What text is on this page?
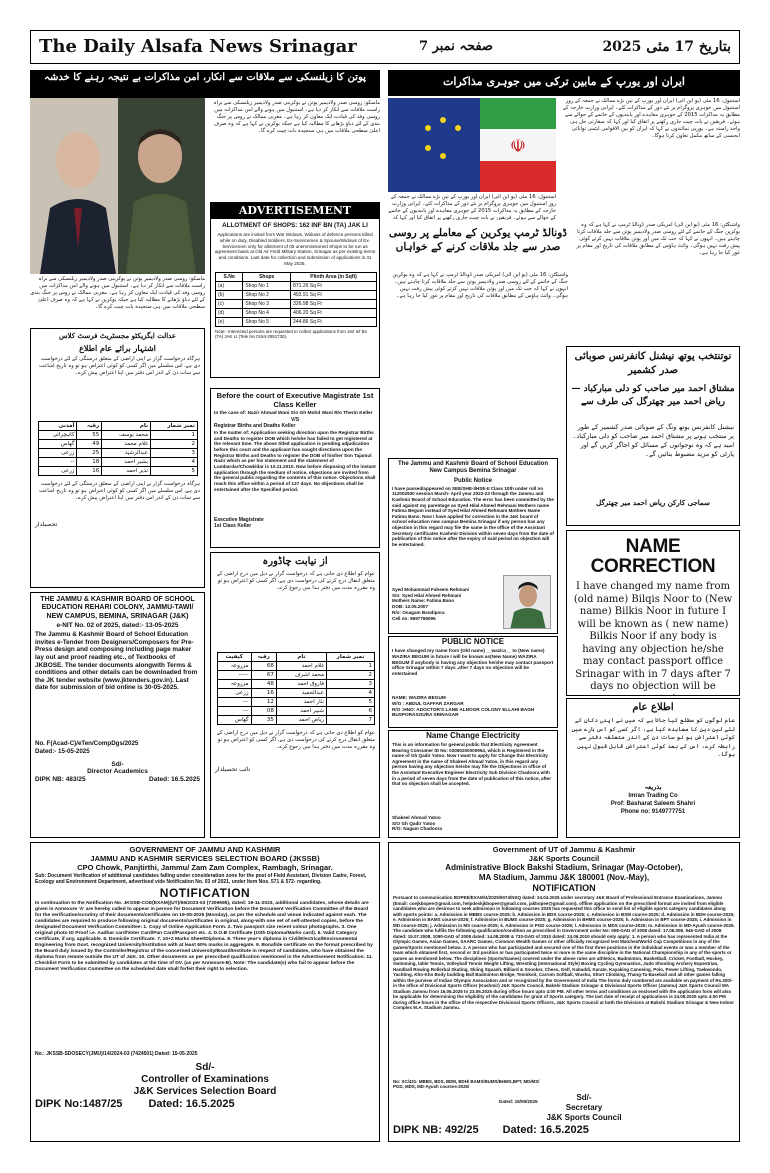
The Daily Alsafa News Srinagar	صفحہ نمبر 7	بتاریخ 17 مئی 2025
پوتن کا زیلنسکی سے ملاقات سے انکار، امن مذاکرات بے نتیجہ رہنے کا خدشہ
ماسکو: روسی صدر ولادیمیر پوتن نے یوکرینی صدر ولادیمیر زیلنسکی سے براہ راست ملاقات سے انکار کر دیا ہے۔ استنبول میں ہونے والے امن مذاکرات میں روسی وفد کی قیادت ایک معاون کر رہا ہے۔ مغربی ممالک نے روس پر جنگ بندی کے لئے دباؤ بڑھانے کا مطالبہ کیا ہے جبکہ یوکرین نے کہا ہے کہ وہ صرف اعلیٰ سطحی ملاقات میں ہی سنجیدہ بات چیت کرے گا۔
ماسکو: روسی صدر ولادیمیر پوتن نے یوکرینی صدر ولادیمیر زیلنسکی سے براہ راست ملاقات سے انکار کر دیا ہے۔ استنبول میں ہونے والے امن مذاکرات میں روسی وفد کی قیادت ایک معاون کر رہا ہے۔ مغربی ممالک نے روس پر جنگ بندی کے لئے دباؤ بڑھانے کا مطالبہ کیا ہے جبکہ یوکرین نے کہا ہے کہ وہ صرف اعلیٰ سطحی ملاقات میں ہی سنجیدہ بات چیت کرے گا۔
ADVERTISEMENT
ALLOTMENT OF SHOPS: 162 INF BN (TA) JAK LI
Applications are invited from War Widows, Widows of defence persons killed while on duty, Disabled Soldiers, Ex-Servicemen & Spouse/Widows of Ex-Servicemen only for allotment of 05 unemmissioned Shops to be run as agreement basis at Old Air Field Military Station, Srinagar as per existing terms and conditions. Last date for collection and submission of applications is 31 May 2025.
S.No	Shops	Plinth Area (in Sqft)
(a)	Shop No 1	871.26 Sq Ft
(b)	Shop No 2	493.91 Sq Ft
(c)	Shop No 3	326.98 Sq Ft
(d)	Shop No 4	406.20 Sq Ft
(e)	Shop No 5	244.86 Sq Ft
Note:- Interested persons are requested to collect applications from 162 Inf Bn (TA) JAK LI (Tele No 0194-2951730).
ایران اور یورپ کے مابین ترکی میں جوہری مذاکرات
☫
استنبول: 16 مئی (یو این آئی) ایران اور یورپ کے تین بڑے ممالک نے جمعہ کے روز استنبول میں جوہری پروگرام پر نئے دور کے مذاکرات کئے۔ ایرانی وزارت خارجہ کے مطابق یہ مذاکرات 2015 کے جوہری معاہدے اور پابندیوں کے خاتمے کے حوالے سے ہوئے۔ فریقین نے بات چیت جاری رکھنے پر اتفاق کیا اور کہا کہ سفارتی حل ہی واحد راستہ ہے۔ یورپی نمائندوں نے کہا کہ ایران کو بین الاقوامی ایٹمی توانائی ایجنسی کے ساتھ مکمل تعاون کرنا ہوگا۔
استنبول: 16 مئی (یو این آئی) ایران اور یورپ کے تین بڑے ممالک نے جمعہ کے روز استنبول میں جوہری پروگرام پر نئے دور کے مذاکرات کئے۔ ایرانی وزارت خارجہ کے مطابق یہ مذاکرات 2015 کے جوہری معاہدے اور پابندیوں کے خاتمے کے حوالے سے ہوئے۔ فریقین نے بات چیت جاری رکھنے پر اتفاق کیا اور کہا کہ
ڈونالڈ ٹرمپ یوکرین کے معاملے پر روسی صدر سے جلد ملاقات کرنے کے خواہاں
واشنگٹن: 16 مئی (یو این آئی) امریکی صدر ڈونالڈ ٹرمپ نے کہا ہے کہ وہ یوکرین جنگ کے خاتمے کے لئے روسی صدر ولادیمیر پوتن سے جلد ملاقات کرنا چاہتے ہیں۔ انہوں نے کہا کہ جب تک میں اور پوتن ملاقات نہیں کرتے کوئی پیش رفت نہیں ہوگی۔ وائٹ ہاؤس کے مطابق ملاقات کی تاریخ اور مقام پر غور کیا جا رہا ہے۔
واشنگٹن: 16 مئی (یو این آئی) امریکی صدر ڈونالڈ ٹرمپ نے کہا ہے کہ وہ یوکرین جنگ کے خاتمے کے لئے روسی صدر ولادیمیر پوتن سے جلد ملاقات کرنا چاہتے ہیں۔ انہوں نے کہا کہ جب تک میں اور پوتن ملاقات نہیں کرتے کوئی پیش رفت نہیں ہوگی۔ وائٹ ہاؤس کے مطابق ملاقات کی تاریخ اور مقام پر غور کیا جا رہا ہے۔
عدالت ایگزیکٹو مجسٹریٹ فرسٹ کلاس
اشتہار برائے عام اطلاع
ہرگاہ درخواست گزار نے اپنی اراضی کے متعلق درستگی کے لئے درخواست دی ہے، اس سلسلے میں اگر کسی کو کوئی اعتراض ہو تو وہ تاریخ اشاعت سے سات دن کے اندر اس دفتر میں اپنا اعتراض پیش کرے۔
نمبر شمار	نام	رقبہ	آمدنی
1	محمد یوسف	55	کاہچرائی
2	غلام محمد	49	گھاس
3	عبدالرشید	25	زرعی
4	بشیر احمد	18	--
5	نذیر احمد	16	زرعی
ہرگاہ درخواست گزار نے اپنی اراضی کے متعلق درستگی کے لئے درخواست دی ہے، اس سلسلے میں اگر کسی کو کوئی اعتراض ہو تو وہ تاریخ اشاعت سے سات دن کے اندر اس دفتر میں اپنا اعتراض پیش کرے۔
تحصیلدار
Before the court of Executive Magistrate 1st Class Keller
In the case of: Nazir Ahmad Wani S/o Gh Mohd Wani R/o Therin Keller
V/S
Registrar Births and Deaths Keller
In the matter of: Application seeking direction upon the Registrar Births and Deaths to register DOB which he/she has failed to get registered at the relevant time. The above titled application is pending adjudication before this court and the applicant has sought directions upon the Registrar Births and Deaths to register the DOB of his/her Son Tajamul Nazir which as per his statement and the statement of Lumbardar/Chowkidar is 10.11.2010. Now before disposing of the instant application through the medium of notice, objections are invited from the general public regarding the contents of this notice. Objections shall reach this office within a period of 137 days. No objections shall be entertained after the Specified period.
Executive Magistrate
1st Class Keller
The Jammu and Kashmir Board of School Education New Campus Bemina Srinagar
Public Notice
I have passed/appeared on SEE/SHE-I/HSE-II Class 10th under roll no 112002930 session March- April year 2022-23 through the Jammu and Kashmir Board of School Education. The error has been committed by the said against my parentage as Syed Hilal Ahmed Rehmani Mothers name Fatima Begum instead of Syed Hilal Ahmed Rehmani Mothers Name Fatima Bano. Now I have applied for correction in the J&K board of school education new campus Bemina Srinagar if any person has any objection in this regard may file the same in the office of the Assistant Secretary certificates Kashmir Division within seven days from the date of publication of this notice after the expiry of said period no objection will be entertained.
Syed Mohammad Faheem Rehmani
S/o: Syed Hilal Ahmed Rehmani
Mothers Name: Fatima Bano
DOB: 12.05.2007
R/o: Onagam Bandipora
Cell no: 9697786096
PUBLIC NOTICE
I have changed my name from (Old name) __wazira__ to (New name) WAZIRA BEGUM in future I will be known as(New Name) WAZIRA BEGUM if anybody is having any objection he/she may contact passport office Srinagar within 7 days .after 7 days no objection will be entertained
NAME: WAZIRA BEGUM
W/O : ABDUL GAFFAR ZARGAR
R/O :HNO: ADOCTOR'S LANE ALNOOR COLONY ELLAHI BAGH BUSPORASOURA SRINAGAR
Name Change Electricity
This is an information for general public that Electricity Agreement Bearing Consumer ID No: 02060200000954, which is Registered in the name of Gh Qadir Yatoo. Now I want to apply for Change this Electricity Agreement in the name of Shakeel Ahmad Yatoo, in this regard any person having any objection he/she may file the Objections in office of the Assistant Executive Engineer Electricity Sub Division Chadoora with in a period of seven days from the date of publication of this notice, after that no objection shall be accepted.
Shakeel Ahmad Yatoo
S/O Gh Qadir Yatoo
R/O: Nagam Chadoora
نوتنتخب یوتھ نیشنل کانفرنس صوبائی صدر کشمیر
مشتاق احمد میر صاحب کو دلی مبارکباد — ریاض احمد میر چھترگل کی طرف سے
نیشنل کانفرنس یوتھ ونگ کے صوبائی صدر کشمیر کے طور پر منتخب ہونے پر مشتاق احمد میر صاحب کو دلی مبارکباد۔ امید ہے کہ وہ نوجوانوں کے مسائل کو اجاگر کریں گے اور پارٹی کو مزید مضبوط بنائیں گے۔
سماجی کارکن ریاض احمد میر چھترگل
NAME CORRECTION
I have changed my name from (old name) Bilqis Noor to (New name) Bilkis Noor in future I will be known as ( new name) Bilkis Noor if any body is having any objection he/she may contact passport office Srinagar with in 7 days after 7 days no objection will be
اطلاع عام
عام لوگوں کو مطلع کیا جاتا ہے کہ میں نے اپنی دکان کے لئے لین دین کا معاہدہ کیا ہے، اگر کسی کو اس بارے میں کوئی اعتراض ہو تو سات دن کے اندر متعلقہ دفتر سے رابطہ کرے، اس کے بعد کوئی اعتراض قابل قبول نہیں ہوگا۔
بذریعہ
Imran Trading Co
Prof: Basharat Saleem Shahri
Phone no: 9149777751
THE JAMMU & KASHMIR BOARD OF SCHOOL EDUCATION REHARI COLONY, JAMMU-TAWI/ NEW CAMPUS, BEMINA, SRINAGAR (J&K)
e-NIT No. 02 of 2025, dated:- 13-05-2025
The Jammu & Kashmir Board of School Education invites e-Tender from Designers/Composers for Pre-Press design and composing including page maker lay out and proof reading etc., of Textbooks of JKBOSE. The tender documents alongwith Terms & conditions and other details can be downloaded from the JK tender website (www.jktenders.gov.in). Last date for submission of bid online is 30-05-2025.
No. F(Acad-C)/eTen/CompDgs/2025
Dated:- 15-05-2025
Sd/-
Director Academics
DIPK NB: 483/25	Dated: 16.5.2025
از نیابت چاڈورہ
عوام کو اطلاع دی جاتی ہے کہ درخواست گزار نے ذیل میں درج اراضی کے متعلق انتقال درج کرنے کی درخواست دی ہے، اگر کسی کو اعتراض ہو تو وہ مقررہ مدت میں دفتر ہذا میں رجوع کرے۔
نمبر شمار	نام	رقبہ	کیفیت
1	غلام احمد	68	مزروعہ
2	محمد اشرف	67	-----
3	فاروق احمد	48	مزروعہ
4	عبدالحمید	16	زرعی
5	نثار احمد	12	---
6	شبیر احمد	08	---
7	ریاض احمد	35	گھاس
عوام کو اطلاع دی جاتی ہے کہ درخواست گزار نے ذیل میں درج اراضی کے متعلق انتقال درج کرنے کی درخواست دی ہے، اگر کسی کو اعتراض ہو تو وہ مقررہ مدت میں دفتر ہذا میں رجوع کرے۔
نائب تحصیلدار
GOVERNMENT OF JAMMU AND KASHMIR
JAMMU AND KASHMIR SERVICES SELECTION BOARD (JKSSB)
CPO Chowk, Panjtirthi, Jammu/ Zam Zam Complex, Rambagh, Srinagar.
Sub: Document Verification of additional candidates falling under consideration zone for the post of Field Assistant, Division Cadre, Forest, Ecology and Environment Department, advertised vide Notification No. 03 of 2021, under Item Nos. 571 & 572- regarding.
NOTIFICATION
In continuation to the Notification No. JKSSB-COE(EXAM)(UT)/65/2023-03 (7309695), dated: 19-11-2023, additional candidates, whose details are given in Annexure 'A' are hereby called to appear in person for Document Verification before the Document Verification Committee of the Board for the verification/scrutiny of their documents/certificates on 19-05-2025 (Monday), as per the schedule and venue indicated against each. The candidates are required to produce following original documents/certificates in original, along-with one set of self-attested copies, before the designated Document Verification Committee: 1. Copy of Online Application Form. 2. Two passport size recent colour photographs. 3. One original photo ID Proof i.e. Aadhar card/Voter Card/Pan Card/Passport etc. 4. D.O.B Certificate (10th Diploma/Marks card). 5. Valid Category Certificate, if any, applicable. 6. Domicile Certificate. 7. 10+2 Marks Sheet/Diploma. 8. Three year's diploma in Civil/Electrical/Environmental Engineering from Govt. recognized University/Institution with at least 60% marks in aggregate. 9. Bonafide certificate on the format prescribed by the Board duly issued by the Controller/Registrar of the concerned University/Board/Institute in respect of candidates, who have obtained the diploma from remote outside the UT of J&K. 10. Other documents as per prescribed qualification mentioned in the Advertisement Notification. 11. Checklist Form to be submitted by candidates at the time of DV. (as per Annexure-B). Note: The candidate(s) who fail to appear before the Document Verification Committee on the scheduled date shall forfeit their right to selection.
No.: JKSSB-SDOSECY(JMU)/14/2024-03 (7424501) Dated: 15-05-2025
Sd/-
Controller of Examinations
J&K Services Selection Board
DIPK No:1487/25 Dated: 16.5.2025
Government of UT of Jammu & Kashmir
J&K Sports Council
Administrative Block Bakshi Stadium, Srinagar (May-October),
MA Stadium, Jammu J&K 180001 (Nov.-May),
NOTIFICATION
Pursuant to communication BOPEE/EXAM/4/2025/5074/NSQ dated: 24.04.2025 under secretary J&K Board of Professional Entrance Examinations, Jammu (Email: coejkbopee@gmail.com, helpdeskjkbopee@gmail.com, jakbopee@gmail.com), offline application on the prescribed format are invited from eligible candidates who are desirous to seek admission in following courses 2025 has requested this office to send list of eligible sports category candidates along with sports points: a. Admission in MBBS course-2025; b. Admission in BDS course-2025; c. Admission in BSM course-2025; d. Admission in BDH course-2025; e. Admission in BAMS course-2025; f. Admission in BUMS course-2025; g. Admission in BHMS course-2025; h. Admission in BPT course-2025; i. Admission in MD course-2025; j. Admission in MS course-2025; k. Admission in PGD course-2025; l. Admission in MDS course-2025; m. Admission in MD-Ayush course-2025. The candidate who fulfils the following qualification/condition as prescribed in Government order No: 008-GAD of 2008 dated: 17.06.008. 946-GAD of 2008 dated: 15.07.2008, 1090-GAD of 2008 dated: 14.08.2008 & 733-GAD of 2010 dated: 24.06.2010 should only apply: 1. A person who has represented India at the Olympic Games, Asian Games, SAARC Games, Common Wealth Games or other officially recognized test Matches/World Cup Competitions in any of the games/Sports mentioned below. 2. A person who has participated and secured one of the first three positions in the individual events or was a member of the team which obtained first, second or 3rd position or has participated twice or more in the same discipline in the National Championship in any of the sports or games as mentioned below. The disciplines (Sports/Games) covered under the above rules are athletics, Badminton, Basketball, Cricket, Football, Hockey, Swimming, table Tennis, Volleyball Tennis Weight Lifting, Wrestling (International Style) Boxing Cycling Gymnastics, Judo Shooting Archery Equestrian, Handball Rowing Rollerbal Skating, Skiing Squash, Billiard & Snooker, Chess, Golf, Kabaddi, Karate, Kayaking Canoeing, Polo, Power Lifting, Taekwondo, Yachting, Kho-Kho Body building Ball Badminton Bridge, Tennikoit, Carrom Softball, Wushu, Short Climbing, Thang-Ta Baseball and all other games falling within the purview of Indian Olympic Association and or recognized by the Government of India The forms duly numbered are available on payment of Rs.200/- in the office of Divisional Sports Officer (Kashmir) J&K Sports Council, Bakshi Stadium Srinagar & Divisional Sports Officer (Jammu) J&K Sports Council MA Stadium Jammu from 16.05.2025 to 23.05.2025 during office hours upto 4:00 PM. All other terms and conditions as enclosed with the application form will also be applicable for determining the eligibility of the candidates for grant of Sports category. The last date of receipt of applications is 24.05.2025 upto 4:00 PM during office hours in the office of the respective Divisional Sports Officers, J&K Sports Council at both the Divisions at Bakshi Stadium Srinagar & New Indoor Complex M.A. Stadium Jammu.
No: SC/431- MBBS, BDS, BDM, BDH/ BAMS/BUMS/BHMS,BPT, MD/MS/ PGD, MDS, MD-Ayush courses-2025/
Dated: 15/05/2025	Sd/-
Secretary
J&K Sports Council
DIPK NB: 492/25 Dated: 16.5.2025
